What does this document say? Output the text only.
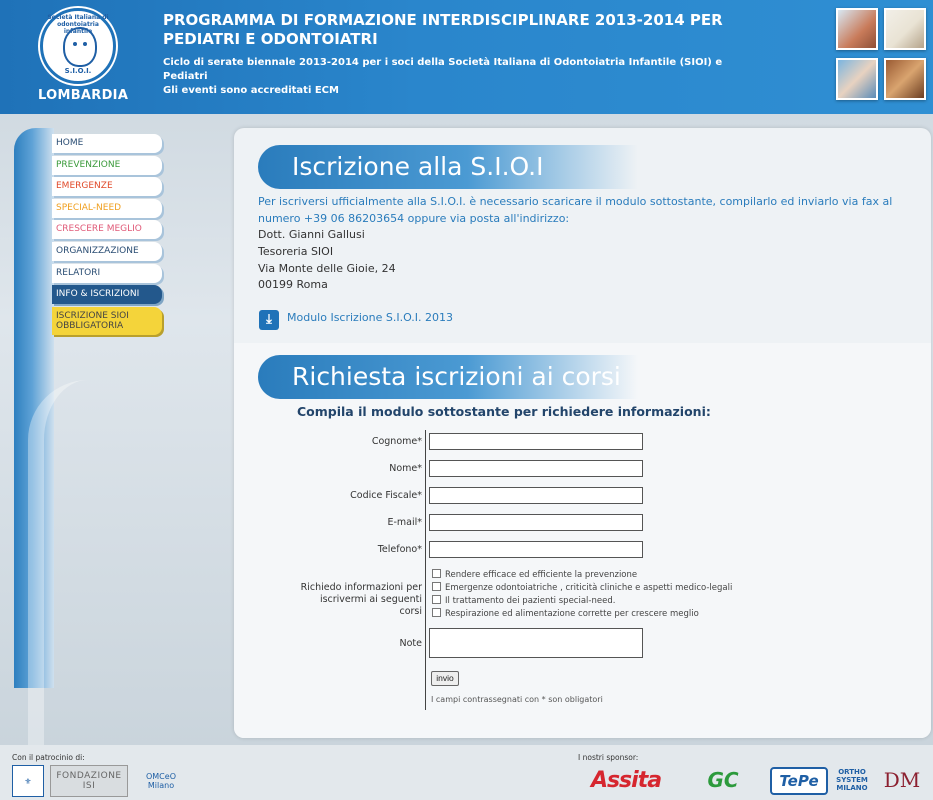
Società Italiana di odontoiatria infantile
S.I.O.I.
LOMBARDIA
PROGRAMMA DI FORMAZIONE INTERDISCIPLINARE 2013-2014 PER PEDIATRI E ODONTOIATRI
Ciclo di serate biennale 2013-2014 per i soci della Società Italiana di Odontoiatria Infantile (SIOI) e Pediatri
Gli eventi sono accreditati ECM
HOME
PREVENZIONE
EMERGENZE
SPECIAL-NEED
CRESCERE MEGLIO
ORGANIZZAZIONE
RELATORI
INFO & ISCRIZIONI
ISCRIZIONE SIOI OBBLIGATORIA
Iscrizione alla S.I.O.I
Per iscriversi ufficialmente alla S.I.O.I. è necessario scaricare il modulo sottostante, compilarlo ed inviarlo via fax al numero +39 06 86203654 oppure via posta all'indirizzo:
Dott. Gianni Gallusi
Tesoreria SIOI
Via Monte delle Gioie, 24
00199 Roma
⤓	Modulo Iscrizione S.I.O.I. 2013
Richiesta iscrizioni ai corsi
Compila il modulo sottostante per richiedere informazioni:
Cognome*
Nome*
Codice Fiscale*
E-mail*
Telefono*
Richiedo informazioni per iscrivermi ai seguenti corsi
Rendere efficace ed efficiente la prevenzione
Emergenze odontoiatriche , criticità cliniche e aspetti medico-legali
Il trattamento dei pazienti special-need.
Respirazione ed alimentazione corrette per crescere meglio
Note
invio
I campi contrassegnati con * son obligatori
Con il patrocinio di:
⚜	FONDAZIONE ISI
OMCeO Milano
I nostri sponsor:
Assita	GC	TePe	ORTHO SYSTEM MILANO DM
